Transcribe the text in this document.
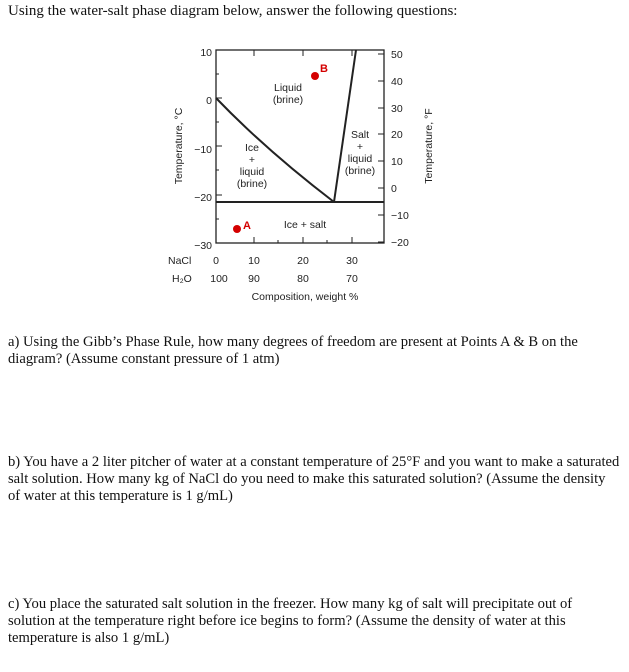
Using the water-salt phase diagram below, answer the following questions:
10
0
−10
−20
−30
Temperature, °C
50
40
30
20
10
0
−10
−20
Temperature, °F
Liquid
(brine)
Ice
+
liquid
(brine)
Salt
+
liquid
(brine)
Ice + salt
A
B
NaCl 0	10	20	30
H₂O 100 90	80	70
Composition, weight %
a) Using the Gibb’s Phase Rule, how many degrees of freedom are present at Points A & B on the diagram? (Assume constant pressure of 1 atm)
b) You have a 2 liter pitcher of water at a constant temperature of 25°F and you want to make a saturated salt solution. How many kg of NaCl do you need to make this saturated solution? (Assume the density of water at this temperature is 1 g/mL)
c) You place the saturated salt solution in the freezer. How many kg of salt will precipitate out of solution at the temperature right before ice begins to form? (Assume the density of water at this temperature is also 1 g/mL)
